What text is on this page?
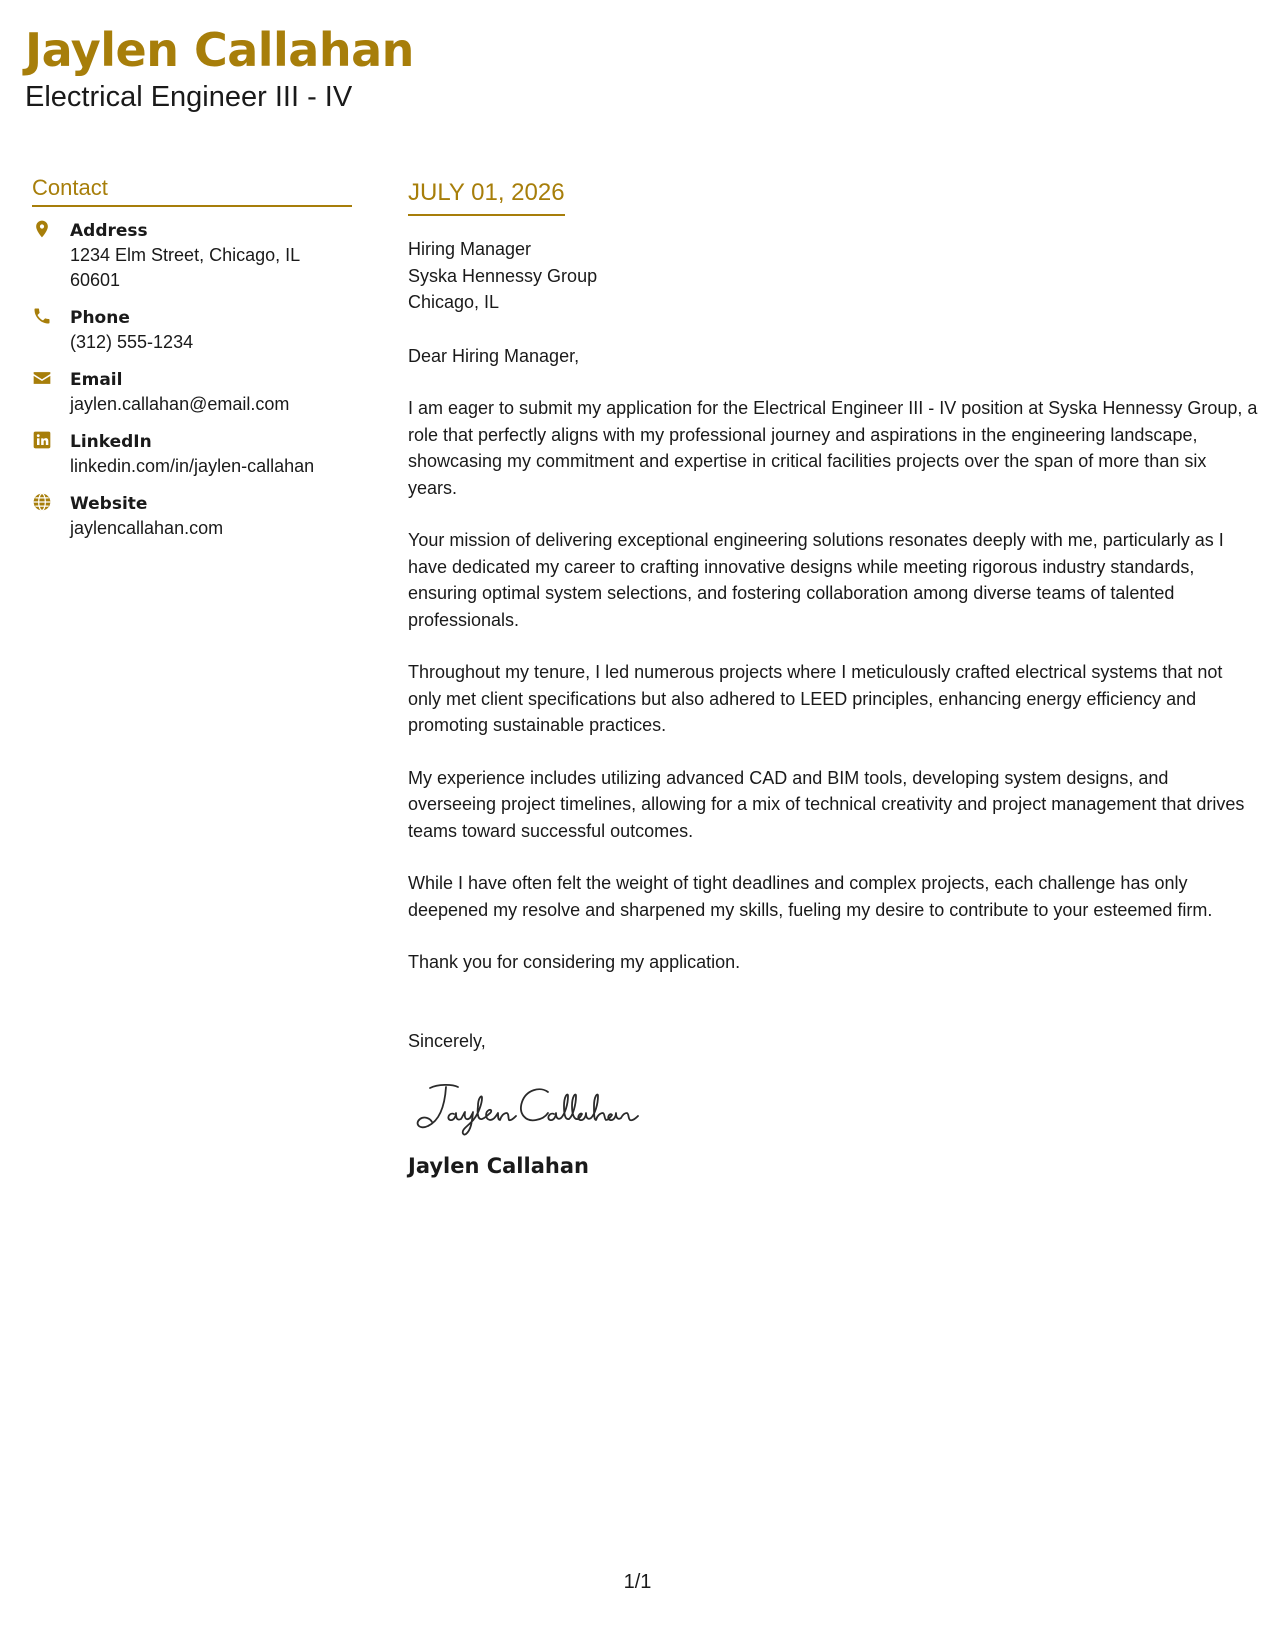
Jaylen Callahan
Electrical Engineer III - IV
Contact
Address
1234 Elm Street, Chicago, IL 60601
Phone
(312) 555-1234
Email
jaylen.callahan@email.com
LinkedIn
linkedin.com/in/jaylen-callahan
Website
jaylencallahan.com
JULY 01, 2026
Hiring Manager
Syska Hennessy Group
Chicago, IL
Dear Hiring Manager,
I am eager to submit my application for the Electrical Engineer III - IV position at Syska Hennessy Group, a role that perfectly aligns with my professional journey and aspirations in the engineering landscape, showcasing my commitment and expertise in critical facilities projects over the span of more than six years.
Your mission of delivering exceptional engineering solutions resonates deeply with me, particularly as I have dedicated my career to crafting innovative designs while meeting rigorous industry standards, ensuring optimal system selections, and fostering collaboration among diverse teams of talented professionals.
Throughout my tenure, I led numerous projects where I meticulously crafted electrical systems that not only met client specifications but also adhered to LEED principles, enhancing energy efficiency and promoting sustainable practices.
My experience includes utilizing advanced CAD and BIM tools, developing system designs, and overseeing project timelines, allowing for a mix of technical creativity and project management that drives teams toward successful outcomes.
While I have often felt the weight of tight deadlines and complex projects, each challenge has only deepened my resolve and sharpened my skills, fueling my desire to contribute to your esteemed firm.
Thank you for considering my application.
Sincerely,
Jaylen Callahan
1/1
